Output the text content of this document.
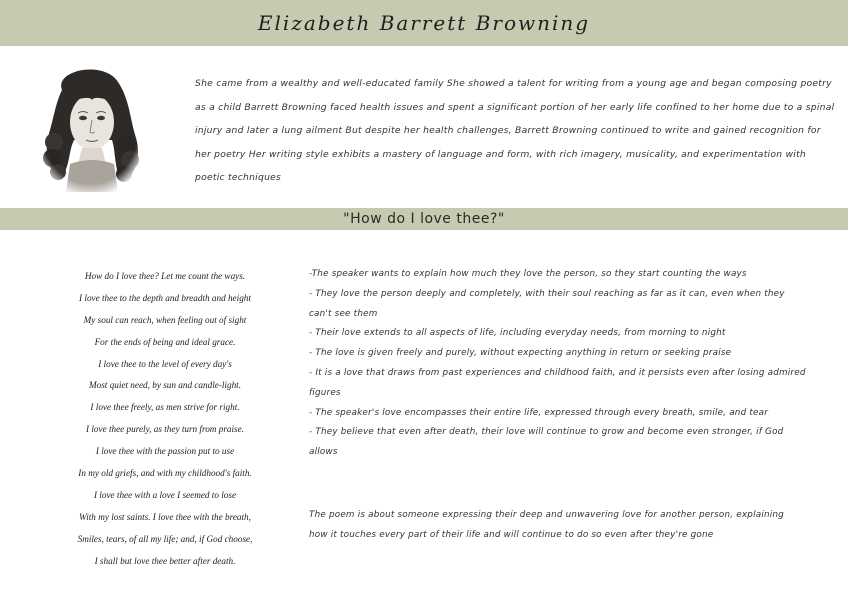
Elizabeth Barrett Browning
She came from a wealthy and well-educated family She showed a talent for writing from a young age and began composing poetry as a child Barrett Browning faced health issues and spent a significant portion of her early life confined to her home due to a spinal injury and later a lung ailment But despite her health challenges, Barrett Browning continued to write and gained recognition for her poetry Her writing style exhibits a mastery of language and form, with rich imagery, musicality, and experimentation with poetic techniques
"How do I love thee?"
How do I love thee? Let me count the ways.
I love thee to the depth and breadth and height
My soul can reach, when feeling out of sight
For the ends of being and ideal grace.
I love thee to the level of every day's
Most quiet need, by sun and candle-light.
I love thee freely, as men strive for right.
I love thee purely, as they turn from praise.
I love thee with the passion put to use
In my old griefs, and with my childhood's faith.
I love thee with a love I seemed to lose
With my lost saints. I love thee with the breath,
Smiles, tears, of all my life; and, if God choose,
I shall but love thee better after death.
-The speaker wants to explain how much they love the person, so they start counting the ways
- They love the person deeply and completely, with their soul reaching as far as it can, even when they can't see them
- Their love extends to all aspects of life, including everyday needs, from morning to night
- The love is given freely and purely, without expecting anything in return or seeking praise
- It is a love that draws from past experiences and childhood faith, and it persists even after losing admired figures
- The speaker's love encompasses their entire life, expressed through every breath, smile, and tear
- They believe that even after death, their love will continue to grow and become even stronger, if God allows
The poem is about someone expressing their deep and unwavering love for another person, explaining how it touches every part of their life and will continue to do so even after they're gone
